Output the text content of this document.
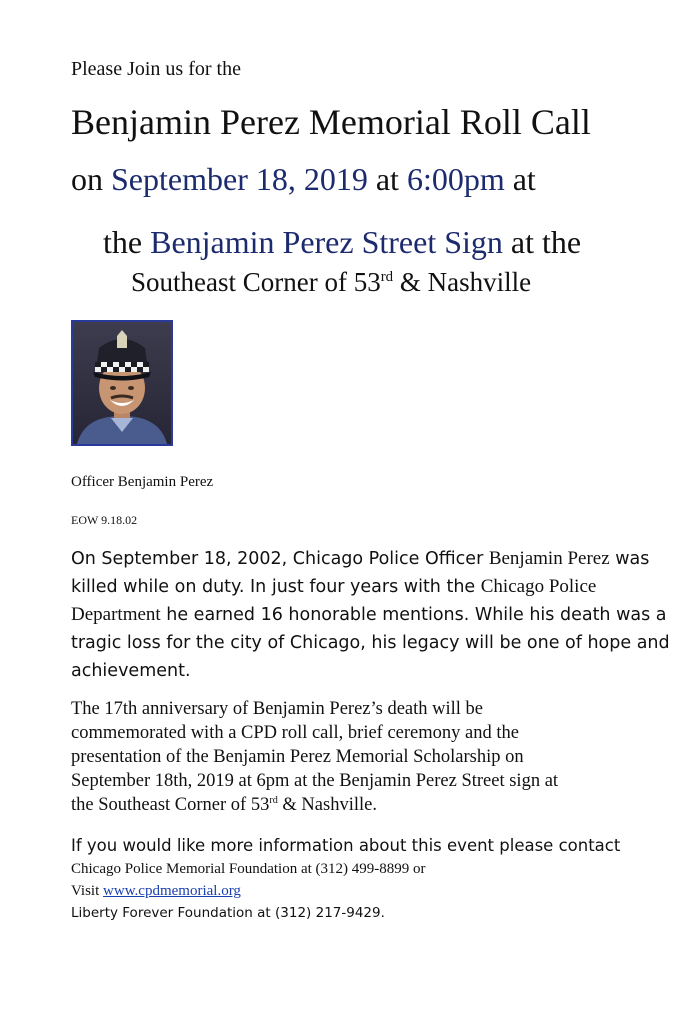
Please Join us for the
Benjamin Perez Memorial Roll Call
on September 18, 2019 at 6:00pm at
the Benjamin Perez Street Sign at the
Southeast Corner of 53rd & Nashville
Officer Benjamin Perez
EOW 9.18.02
On September 18, 2002, Chicago Police Officer Benjamin Perez was killed while on duty. In just four years with the Chicago Police Department he earned 16 honorable mentions. While his death was a tragic loss for the city of Chicago, his legacy will be one of hope and achievement.
The 17th anniversary of Benjamin Perez’s death will be
commemorated with a CPD roll call, brief ceremony and the
presentation of the Benjamin Perez Memorial Scholarship on
September 18th, 2019 at 6pm at the Benjamin Perez Street sign at
the Southeast Corner of 53rd & Nashville.
If you would like more information about this event please contact
Chicago Police Memorial Foundation at (312) 499-8899 or
Visit www.cpdmemorial.org
Liberty Forever Foundation at (312) 217-9429.
